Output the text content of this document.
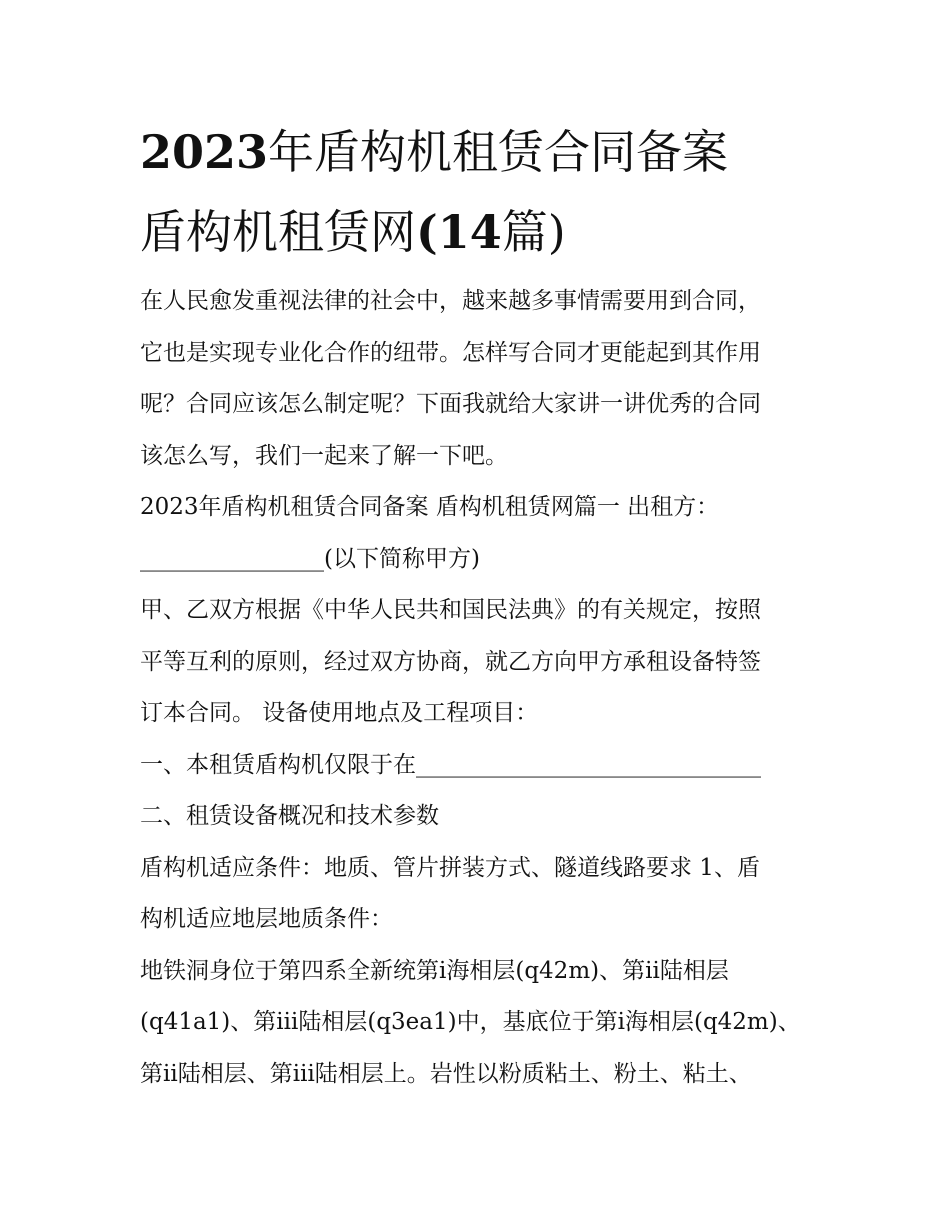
2023年盾构机租赁合同备案
盾构机租赁网(14篇)

在人民愈发重视法律的社会中，越来越多事情需要用到合同，

它也是实现专业化合作的纽带。怎样写合同才更能起到其作用

呢？合同应该怎么制定呢？下面我就给大家讲一讲优秀的合同

该怎么写，我们一起来了解一下吧。

2023年盾构机租赁合同备案 盾构机租赁网篇一 出租方：

________________(以下简称甲方)

甲、乙双方根据《中华人民共和国民法典》的有关规定，按照

平等互利的原则，经过双方协商，就乙方向甲方承租设备特签

订本合同。 设备使用地点及工程项目：

一、本租赁盾构机仅限于在______________________________

二、租赁设备概况和技术参数

盾构机适应条件：地质、管片拼装方式、隧道线路要求 1、盾

构机适应地层地质条件：

地铁洞身位于第四系全新统第ⅰ海相层(q42m)、第ⅱ陆相层

(q41a1)、第ⅲ陆相层(q3ea1)中，基底位于第ⅰ海相层(q42m)、

第ⅱ陆相层、第ⅲ陆相层上。岩性以粉质粘土、粉土、粘土、
